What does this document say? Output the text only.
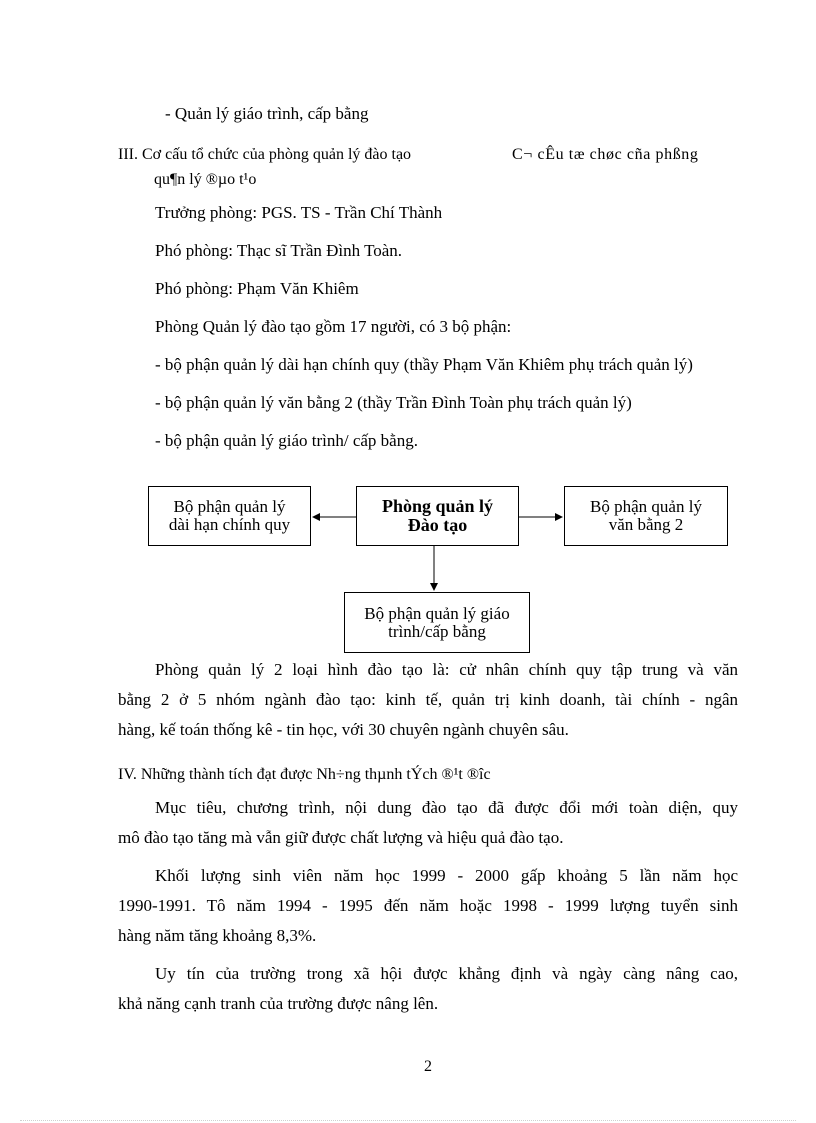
- Quản lý giáo trình, cấp bằng
III. Cơ cấu tổ chức của phòng quản lý đào tạo	C¬ cÊu tæ chøc cña phßng
qu¶n lý ®µo t¹o
Trưởng phòng: PGS. TS - Trần Chí Thành
Phó phòng: Thạc sĩ Trần Đình Toàn.
Phó phòng: Phạm Văn Khiêm
Phòng Quản lý đào tạo gồm 17 người, có 3 bộ phận:
- bộ phận quản lý dài hạn chính quy (thầy Phạm Văn Khiêm phụ trách quản lý)
- bộ phận quản lý văn bằng 2 (thầy Trần Đình Toàn phụ trách quản lý)
- bộ phận quản lý giáo trình/ cấp bằng.
Phòng quản lý
Đào tạo
Bộ phận quản lý
dài hạn chính quy
Bộ phận quản lý
văn bằng 2
Bộ phận quản lý giáo
trình/cấp bằng
Phòng quản lý 2 loại hình đào tạo là: cử nhân chính quy tập trung và văn
bằng 2 ở 5 nhóm ngành đào tạo: kinh tế, quản trị kinh doanh, tài chính - ngân
hàng, kế toán thống kê - tin học, với 30 chuyên ngành chuyên sâu.
IV. Những thành tích đạt được Nh÷ng thµnh tÝch ®¹t ®îc
Mục tiêu, chương trình, nội dung đào tạo đã được đổi mới toàn diện, quy
mô đào tạo tăng mà vẫn giữ được chất lượng và hiệu quả đào tạo.
Khối lượng sinh viên năm học 1999 - 2000 gấp khoảng 5 lần năm học
1990-1991. Tô năm 1994 - 1995 đến năm hoặc 1998 - 1999 lượng tuyển sinh
hàng năm tăng khoảng 8,3%.
Uy tín của trường trong xã hội được khẳng định và ngày càng nâng cao,
khả năng cạnh tranh của trường được nâng lên.
2
